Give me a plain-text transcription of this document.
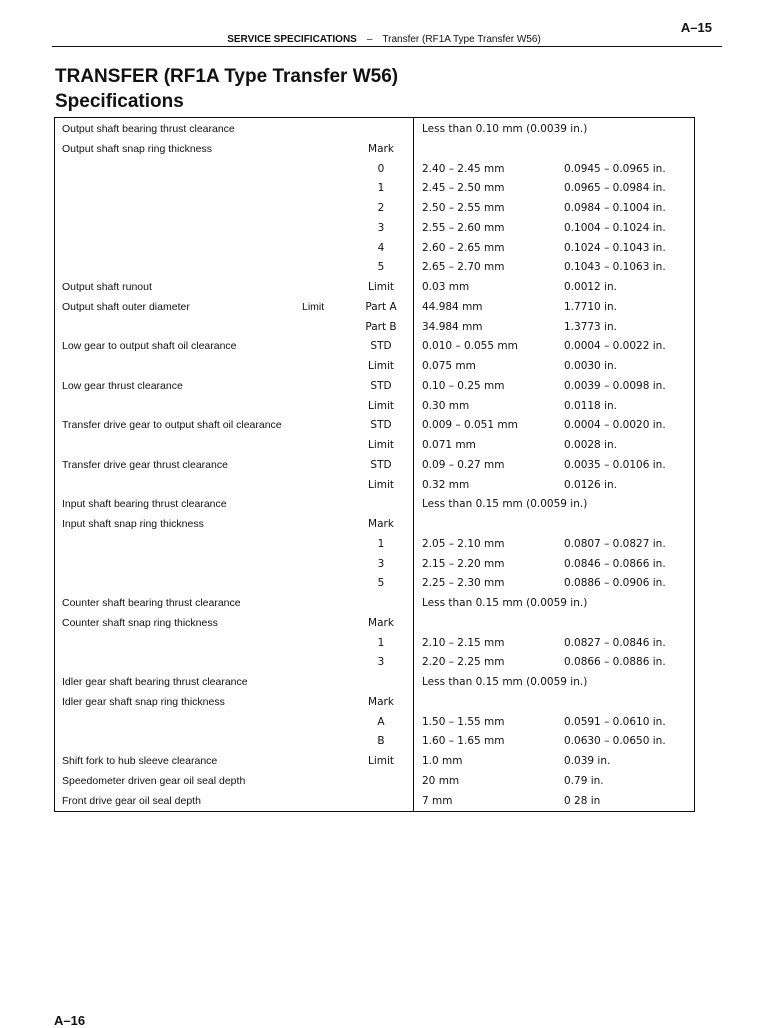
A–15
SERVICE SPECIFICATIONS – Transfer (RF1A Type Transfer W56)
TRANSFER (RF1A Type Transfer W56)
Specifications
Output shaft bearing thrust clearance	Less than 0.10 mm (0.0039 in.)
Output shaft snap ring thickness	Mark
0	2.40 – 2.45 mm	0.0945 – 0.0965 in.
1	2.45 – 2.50 mm	0.0965 – 0.0984 in.
2	2.50 – 2.55 mm	0.0984 – 0.1004 in.
3	2.55 – 2.60 mm	0.1004 – 0.1024 in.
4	2.60 – 2.65 mm	0.1024 – 0.1043 in.
5	2.65 – 2.70 mm	0.1043 – 0.1063 in.
Output shaft runout	Limit	0.03 mm	0.0012 in.
Output shaft outer diameter	Limit	Part A	44.984 mm	1.7710 in.
Part B	34.984 mm	1.3773 in.
Low gear to output shaft oil clearance	STD	0.010 – 0.055 mm	0.0004 – 0.0022 in.
Limit	0.075 mm	0.0030 in.
Low gear thrust clearance	STD	0.10 – 0.25 mm	0.0039 – 0.0098 in.
Limit	0.30 mm	0.0118 in.
Transfer drive gear to output shaft oil clearance	STD	0.009 – 0.051 mm	0.0004 – 0.0020 in.
Limit	0.071 mm	0.0028 in.
Transfer drive gear thrust clearance	STD	0.09 – 0.27 mm	0.0035 – 0.0106 in.
Limit	0.32 mm	0.0126 in.
Input shaft bearing thrust clearance	Less than 0.15 mm (0.0059 in.)
Input shaft snap ring thickness	Mark
1	2.05 – 2.10 mm	0.0807 – 0.0827 in.
3	2.15 – 2.20 mm	0.0846 – 0.0866 in.
5	2.25 – 2.30 mm	0.0886 – 0.0906 in.
Counter shaft bearing thrust clearance	Less than 0.15 mm (0.0059 in.)
Counter shaft snap ring thickness	Mark
1	2.10 – 2.15 mm	0.0827 – 0.0846 in.
3	2.20 – 2.25 mm	0.0866 – 0.0886 in.
Idler gear shaft bearing thrust clearance	Less than 0.15 mm (0.0059 in.)
Idler gear shaft snap ring thickness	Mark
A	1.50 – 1.55 mm	0.0591 – 0.0610 in.
B	1.60 – 1.65 mm	0.0630 – 0.0650 in.
Shift fork to hub sleeve clearance	Limit	1.0 mm	0.039 in.
Speedometer driven gear oil seal depth	20 mm	0.79 in.
Front drive gear oil seal depth	7 mm	0 28 in
A–16
